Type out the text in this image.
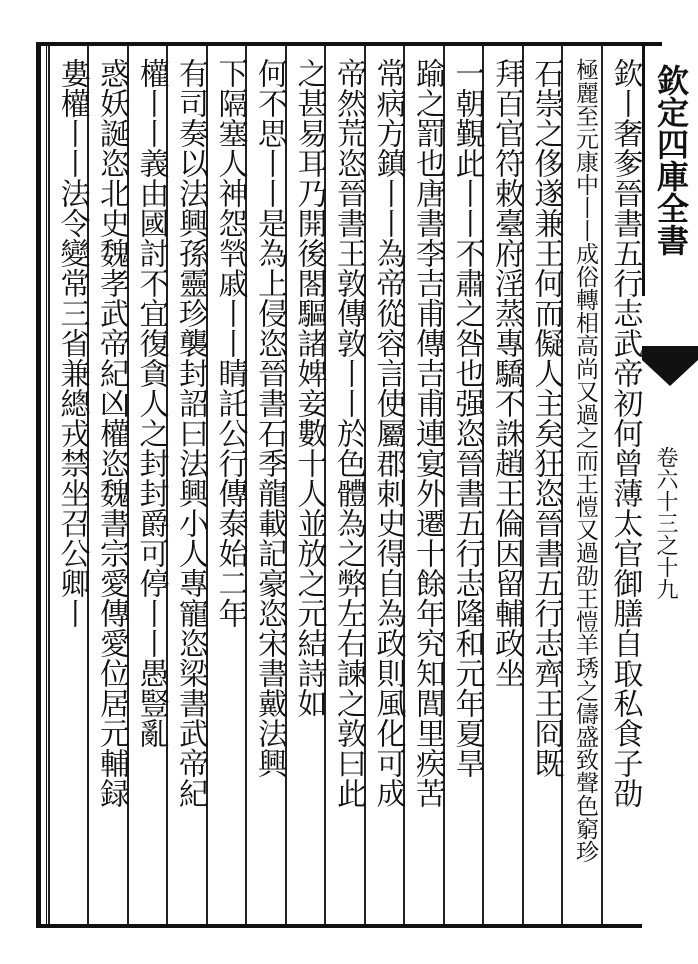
欽定四庫全書
卷六十三之十九
欽丨奢奓晉書五行志武帝初何曾薄太官御膳自取私食子劭
極麗至元康中丨丨成俗轉相高尚又過之而王愷又過劭王愷羊琇之儔盛致聲色窮珍
石崇之侈遂兼王何而儗人主矣狂恣晉書五行志齊王冏既
拜百官符敕臺府淫蒸專驕不誅趙王倫因留輔政坐
一朝覲此丨丨不肅之咎也强恣晉書五行志隆和元年夏旱
踰之罰也唐書李吉甫傳吉甫連宴外遷十餘年究知閭里疾苦
常病方鎮丨丨為帝從容言使屬郡刺史得自為政則風化可成
帝然荒恣晉書王敦傳敦丨丨於色體為之弊左右諫之敦曰此
之甚易耳乃開後閤驅諸婢妾數十人並放之元結詩如
何不思丨丨是為上侵恣晉書石季龍載記豪恣宋書戴法興
下隔塞人神怨㷀戚丨丨睛託公行傳泰始二年
有司奏以法興孫靈珍襲封詔曰法興小人專寵恣梁書武帝紀
權丨丨義由國討不宜復貪人之封封爵可停丨丨愚豎亂
惑妖誕恣北史魏孝武帝紀凶權恣魏書宗愛傳愛位居元輔録
婁權丨丨法令變常三省兼總戎禁坐召公卿丨
